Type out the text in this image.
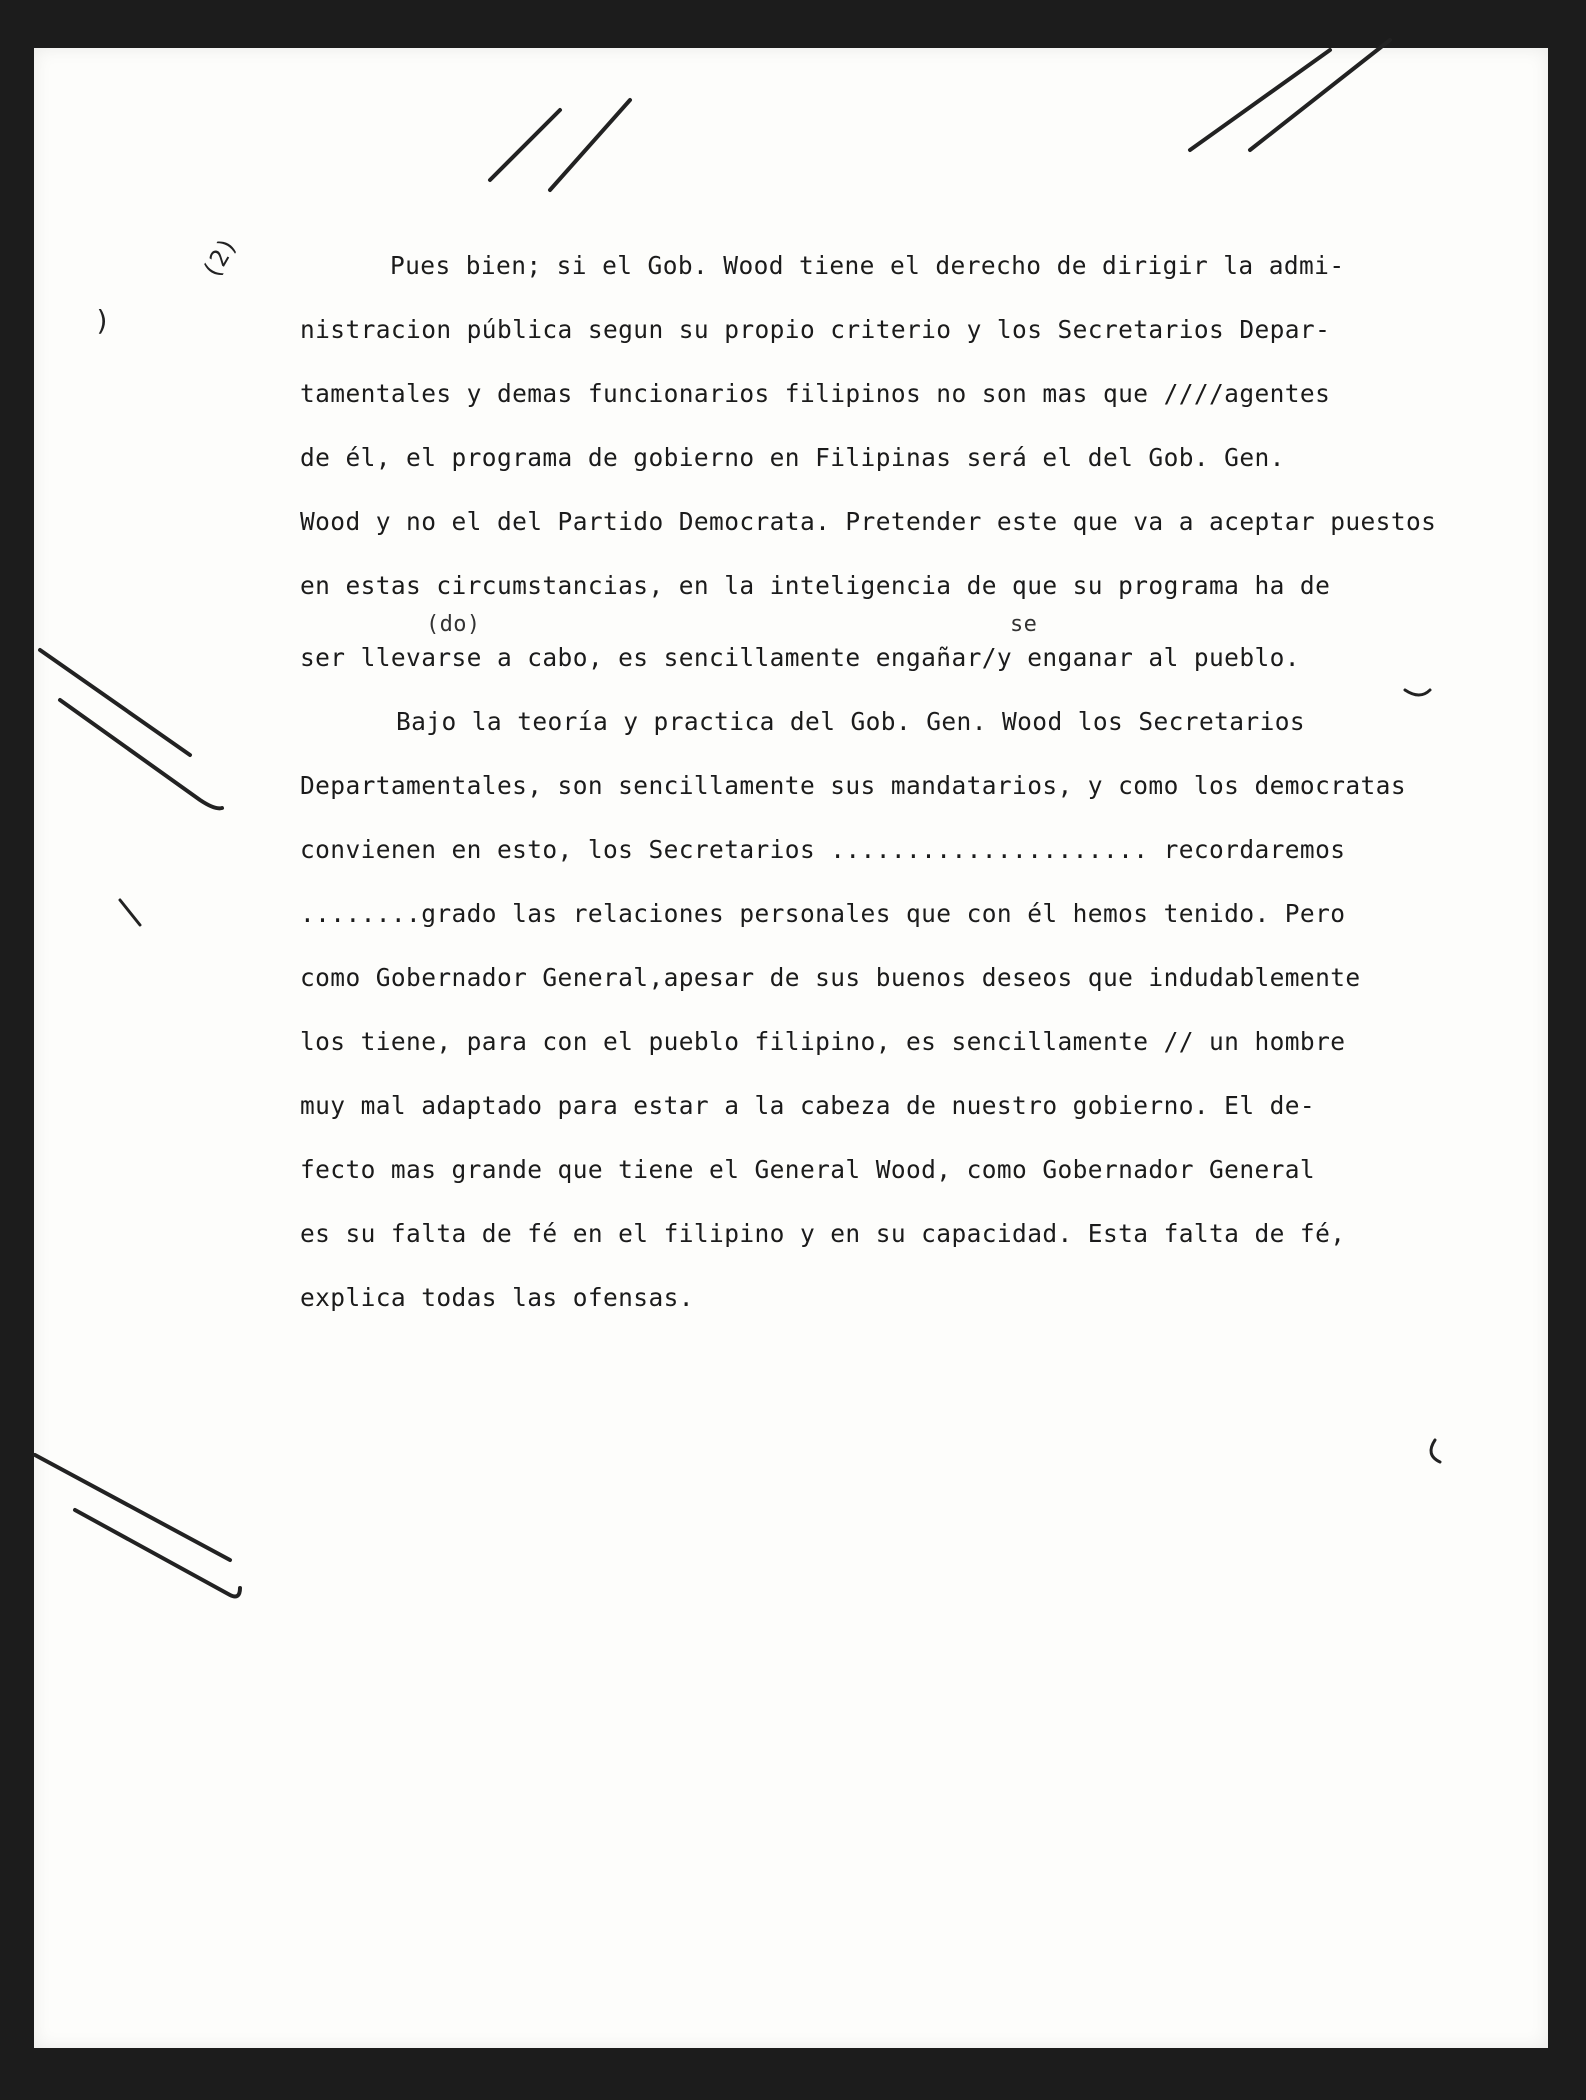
(2)
)
Pues bien; si el Gob. Wood tiene el derecho de dirigir la admi-
nistracion pública segun su propio criterio y los Secretarios Depar-
tamentales y demas funcionarios filipinos no son mas que ////agentes
de él, el programa de gobierno en Filipinas será el del Gob. Gen.
Wood y no el del Partido Democrata. Pretender este que va a aceptar puestos
en estas circumstancias, en la inteligencia de que su programa ha de
ser llevarse a cabo, es sencillamente engañar/y enganar al pueblo.
Bajo la teoría y practica del Gob. Gen. Wood los Secretarios
Departamentales, son sencillamente sus mandatarios, y como los democratas
convienen en esto, los Secretarios ..................... recordaremos
........grado las relaciones personales que con él hemos tenido. Pero
como Gobernador General,apesar de sus buenos deseos que indudablemente
los tiene, para con el pueblo filipino, es sencillamente // un hombre
muy mal adaptado para estar a la cabeza de nuestro gobierno. El de-
fecto mas grande que tiene el General Wood, como Gobernador General
es su falta de fé en el filipino y en su capacidad. Esta falta de fé,
explica todas las ofensas.
(do)	se
